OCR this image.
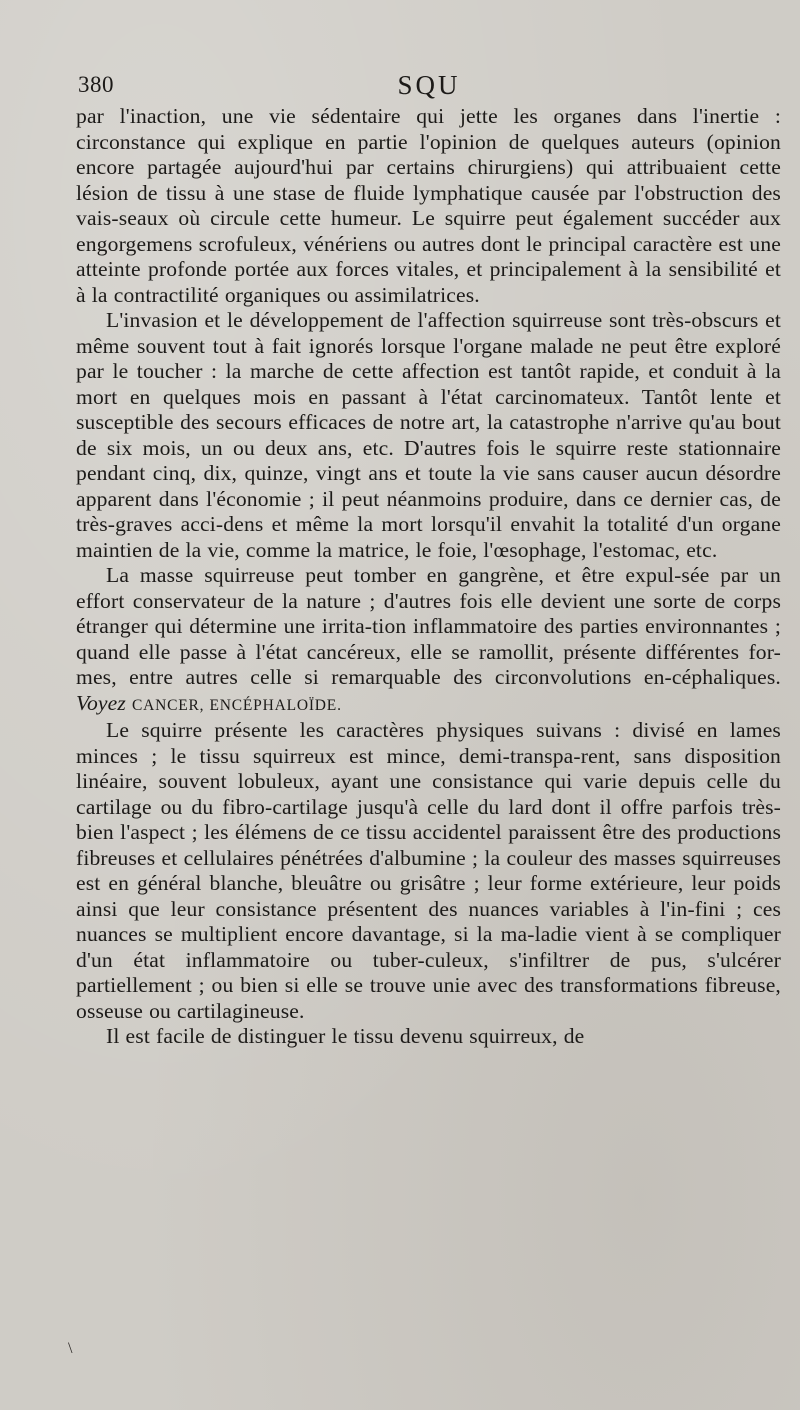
380	SQU

par l'inaction, une vie sédentaire qui jette les organes dans l'inertie : circonstance qui explique en partie l'opinion de quelques auteurs (opinion encore partagée aujourd'hui par certains chirurgiens) qui attribuaient cette lésion de tissu à une stase de fluide lymphatique causée par l'obstruction des vais-seaux où circule cette humeur. Le squirre peut également succéder aux engorgemens scrofuleux, vénériens ou autres dont le principal caractère est une atteinte profonde portée aux forces vitales, et principalement à la sensibilité et à la contractilité organiques ou assimilatrices.

L'invasion et le développement de l'affection squirreuse sont très-obscurs et même souvent tout à fait ignorés lorsque l'organe malade ne peut être exploré par le toucher : la marche de cette affection est tantôt rapide, et conduit à la mort en quelques mois en passant à l'état carcinomateux. Tantôt lente et susceptible des secours efficaces de notre art, la catastrophe n'arrive qu'au bout de six mois, un ou deux ans, etc. D'autres fois le squirre reste stationnaire pendant cinq, dix, quinze, vingt ans et toute la vie sans causer aucun désordre apparent dans l'économie ; il peut néanmoins produire, dans ce dernier cas, de très-graves acci-dens et même la mort lorsqu'il envahit la totalité d'un organe maintien de la vie, comme la matrice, le foie, l'œsophage, l'estomac, etc.

La masse squirreuse peut tomber en gangrène, et être expul-sée par un effort conservateur de la nature ; d'autres fois elle devient une sorte de corps étranger qui détermine une irrita-tion inflammatoire des parties environnantes ; quand elle passe à l'état cancéreux, elle se ramollit, présente différentes for-mes, entre autres celle si remarquable des circonvolutions en-céphaliques. Voyez CANCER, ENCÉPHALOÏDE.

Le squirre présente les caractères physiques suivans : divisé en lames minces ; le tissu squirreux est mince, demi-transpa-rent, sans disposition linéaire, souvent lobuleux, ayant une consistance qui varie depuis celle du cartilage ou du fibro-cartilage jusqu'à celle du lard dont il offre parfois très-bien l'aspect ; les élémens de ce tissu accidentel paraissent être des productions fibreuses et cellulaires pénétrées d'albumine ; la couleur des masses squirreuses est en général blanche, bleuâtre ou grisâtre ; leur forme extérieure, leur poids ainsi que leur consistance présentent des nuances variables à l'in-fini ; ces nuances se multiplient encore davantage, si la ma-ladie vient à se compliquer d'un état inflammatoire ou tuber-culeux, s'infiltrer de pus, s'ulcérer partiellement ; ou bien si elle se trouve unie avec des transformations fibreuse, osseuse ou cartilagineuse.

Il est facile de distinguer le tissu devenu squirreux, de

\
